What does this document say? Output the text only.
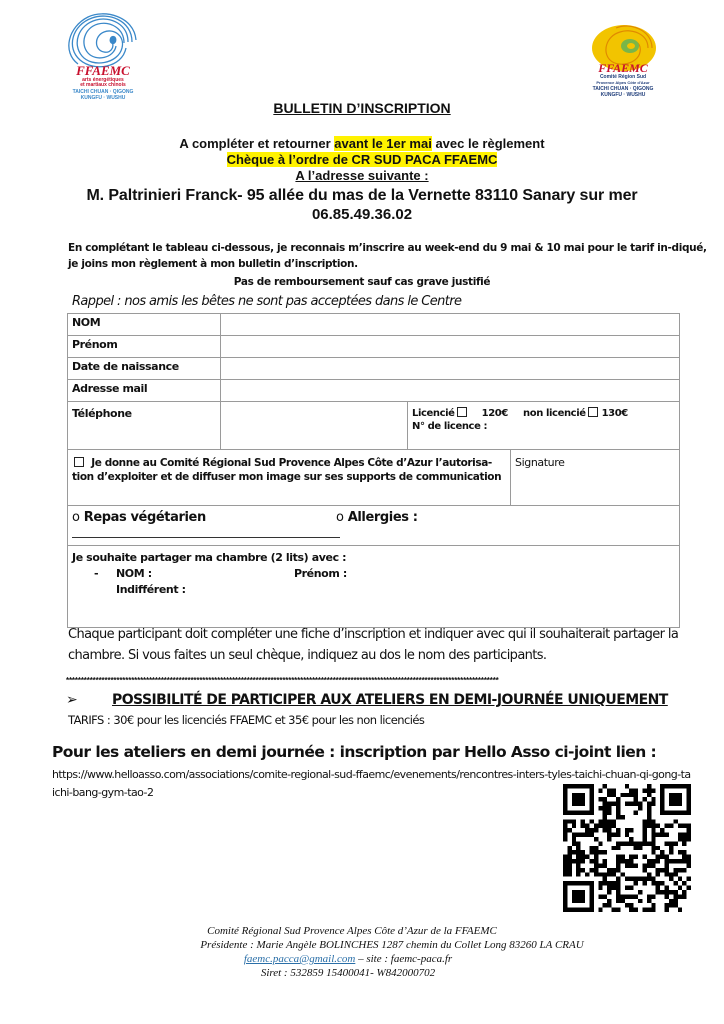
FFAEMC
arts énergétiques
et martiaux chinois
TAICHI CHUAN · QIGONG
KUNGFU · WUSHU
FFAEMC
Comité Région Sud
Provence Alpes Côte d'Azur
TAICHI CHUAN · QIGONG
KUNGFU · WUSHU
BULLETIN D’INSCRIPTION
A compléter et retourner avant le 1er mai avec le règlement
Chèque à l’ordre de CR SUD PACA FFAEMC
A l’adresse suivante :
M. Paltrinieri Franck- 95 allée du mas de la Vernette 83110 Sanary sur mer
06.85.49.36.02
En complétant le tableau ci-dessous, je reconnais m’inscrire au week-end du 9 mai & 10 mai pour le tarif in-diqué, je joins mon règlement à mon bulletin d’inscription.
Pas de remboursement sauf cas grave justifié
Rappel : nos amis les bêtes ne sont pas acceptées dans le Centre
NOM			
Prénom			
Date de naissance			
Adresse mail			
Téléphone		Licencié 120€ non licencié 130€
N° de licence :	
Je donne au Comité Régional Sud Provence Alpes Côte d’Azur l’autorisa-tion d’exploiter et de diffuser mon image sur ses supports de communication			Signature
o Repas végétarien o Allergies :			

Je souhaite partager ma chambre (2 lits) avec :
- NOM : Prénom :
Indifférent :			
Chaque participant doit compléter une fiche d’inscription et indiquer avec qui il souhaiterait partager la chambre. Si vous faites un seul chèque, indiquez au dos le nom des participants.
**************************************************************************************************************************************************
➢ POSSIBILITÉ DE PARTICIPER AUX ATELIERS EN DEMI-JOURNÉE UNIQUEMENT
TARIFS : 30€ pour les licenciés FFAEMC et 35€ pour les non licenciés
Pour les ateliers en demi journée : inscription par Hello Asso ci-joint lien :
https://www.helloasso.com/associations/comite-regional-sud-ffaemc/evenements/rencontres-inters-tyles-taichi-chuan-qi-gong-taichi-bang-gym-tao-2
Comité Régional Sud Provence Alpes Côte d’Azur de la FFAEMC
Présidente : Marie Angèle BOLINCHES 1287 chemin du Collet Long 83260 LA CRAU
faemc.pacca@gmail.com – site : faemc-paca.fr
Siret : 532859 15400041- W842000702
